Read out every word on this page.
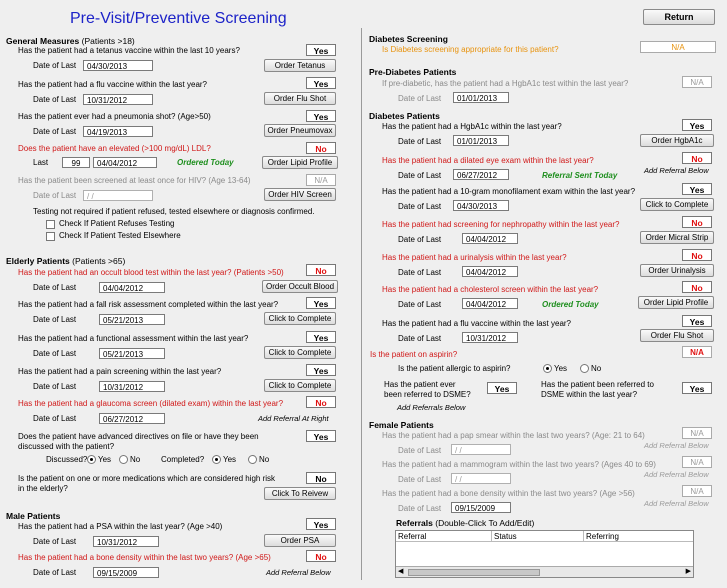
Pre-Visit/Preventive Screening	Return
General Measures (Patients >18)
Has the patient had a tetanus vaccine within the last 10 years?	Yes
Date of Last	04/30/2013	Order Tetanus
Has the patient had a flu vaccine within the last year?	Yes
Date of Last	10/31/2012	Order Flu Shot
Has the patient ever had a pneumonia shot? (Age>50)	Yes
Date of Last	04/19/2013	Order Pneumovax
Does the patient have an elevated (>100 mg/dL) LDL?	No
Last	99	04/04/2012	Ordered Today	Order Lipid Profile
Has the patient been screened at least once for HIV? (Age 13-64)	N/A
Date of Last	/ /	Order HIV Screen
Testing not required if patient refused, tested elsewhere or diagnosis confirmed.
Check If Patient Refuses Testing
Check If Patient Tested Elsewhere
Elderly Patients (Patients >65)
Has the patient had an occult blood test within the last year? (Patients >50)	No
Date of Last	04/04/2012	Order Occult Blood
Has the patient had a fall risk assessment completed within the last year?	Yes
Date of Last	05/21/2013	Click to Complete
Has the patient had a functional assessment within the last year?	Yes
Date of Last	05/21/2013	Click to Complete
Has the patient had a pain screening within the last year?	Yes
Date of Last	10/31/2012	Click to Complete
Has the patient had a glaucoma screen (dilated exam) within the last year?	No
Date of Last	06/27/2012	Add Referral At Right
Does the patient have advanced directives on file or have they been
discussed with the patient?
Yes
Discussed? Yes No	Completed? Yes	No
Is the patient on one or more medications which are considered high risk
in the elderly?
No
Click To Reivew
Male Patients
Has the patient had a PSA within the last year? (Age >40)	Yes
Date of Last	10/31/2012	Order PSA
Has the patient had a bone density within the last two years? (Age >65)	No
Date of Last	09/15/2009	Add Referral Below
Diabetes Screening
Is Diabetes screening appropriate for this patient?	N/A
Pre-Diabetes Patients
If pre-diabetic, has the patient had a HgbA1c test within the last year?	N/A
Date of Last	01/01/2013
Diabetes Patients
Has the patient had a HgbA1c within the last year?	Yes
Date of Last	01/01/2013	Order HgbA1c
Has the patient had a dilated eye exam within the last year?	No
Date of Last	06/27/2012	Referral Sent Today
Add Referral Below
Has the patient had a 10-gram monofilament exam within the last year?	Yes
Date of Last	04/30/2013	Click to Complete
Has the patient had screening for nephropathy within the last year?	No
Date of Last	04/04/2012	Order Micral Strip
Has the patient had a urinalysis within the last year?	No
Date of Last	04/04/2012	Order Urinalysis
Has the patient had a cholesterol screen within the last year?	No
Date of Last	04/04/2012	Ordered Today	Order Lipid Profile
Has the patient had a flu vaccine within the last year?	Yes
Date of Last	10/31/2012	Order Flu Shot
Is the patient on aspirin?	N/A
Is the patient allergic to aspirin?	Yes	No
Has the patient ever
been referred to DSME?
Yes
Add Referrals Below
Has the patient been referred to
DSME within the last year?
Yes
Female Patients
Has the patient had a pap smear within the last two years? (Age: 21 to 64)	N/A
Date of Last	/ /
Add Referral Below
Has the patient had a mammogram within the last two years? (Ages 40 to 69)	N/A
Date of Last	/ /
Add Referral Below
Has the patient had a bone density within the last two years? (Age >56)	N/A
Date of Last	09/15/2009
Add Referral Below
Referrals (Double-Click To Add/Edit)
Referral	Status	Referring
◀	▶
